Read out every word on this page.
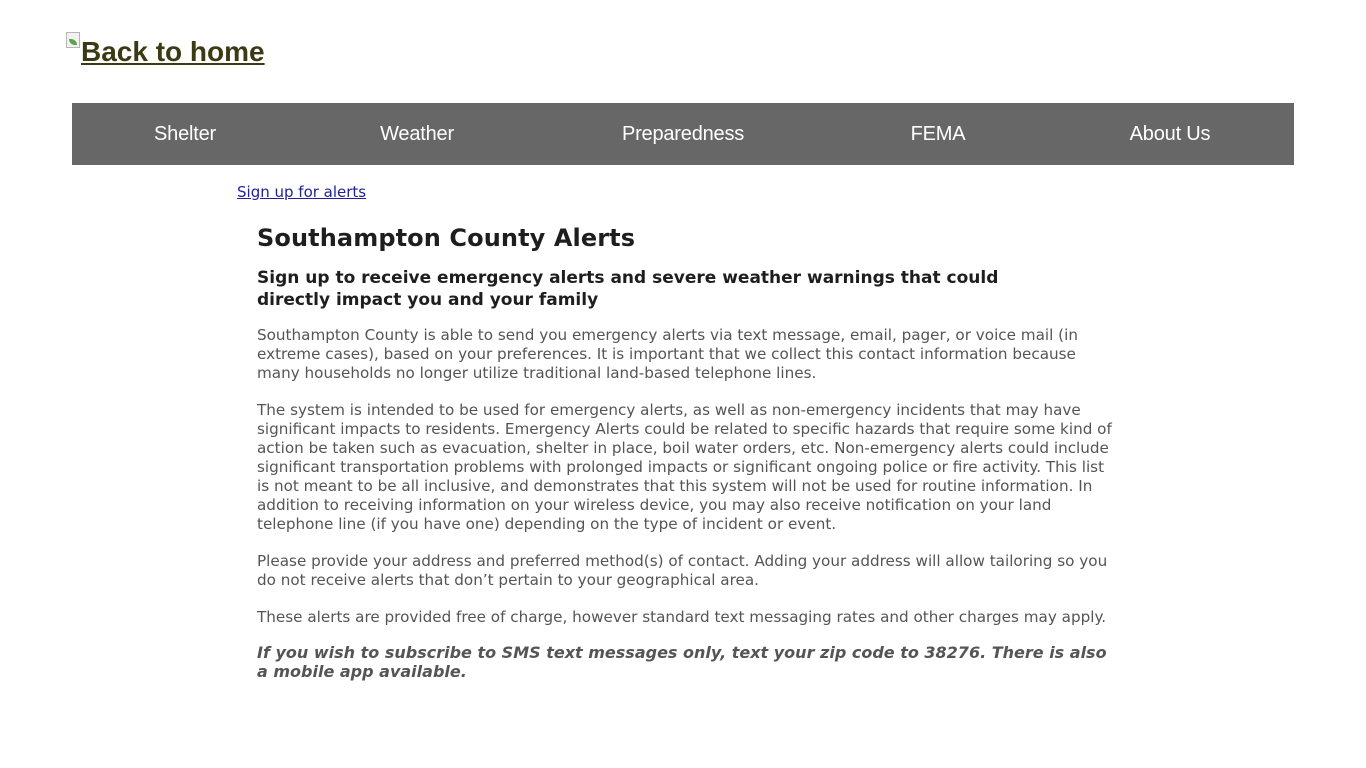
Back to home
Shelter	Weather	Preparedness	FEMA	About Us
Sign up for alerts
Southampton County Alerts
Sign up to receive emergency alerts and severe weather warnings that could directly impact you and your family

Southampton County is able to send you emergency alerts via text message, email, pager, or voice mail (in extreme cases), based on your preferences. It is important that we collect this contact information because many households no longer utilize traditional land-based telephone lines.

The system is intended to be used for emergency alerts, as well as non-emergency incidents that may have significant impacts to residents. Emergency Alerts could be related to specific hazards that require some kind of action be taken such as evacuation, shelter in place, boil water orders, etc. Non-emergency alerts could include significant transportation problems with prolonged impacts or significant ongoing police or fire activity. This list is not meant to be all inclusive, and demonstrates that this system will not be used for routine information. In addition to receiving information on your wireless device, you may also receive notification on your land telephone line (if you have one) depending on the type of incident or event.

Please provide your address and preferred method(s) of contact. Adding your address will allow tailoring so you do not receive alerts that don’t pertain to your geographical area.

These alerts are provided free of charge, however standard text messaging rates and other charges may apply.

If you wish to subscribe to SMS text messages only, text your zip code to 38276. There is also a mobile app available.
